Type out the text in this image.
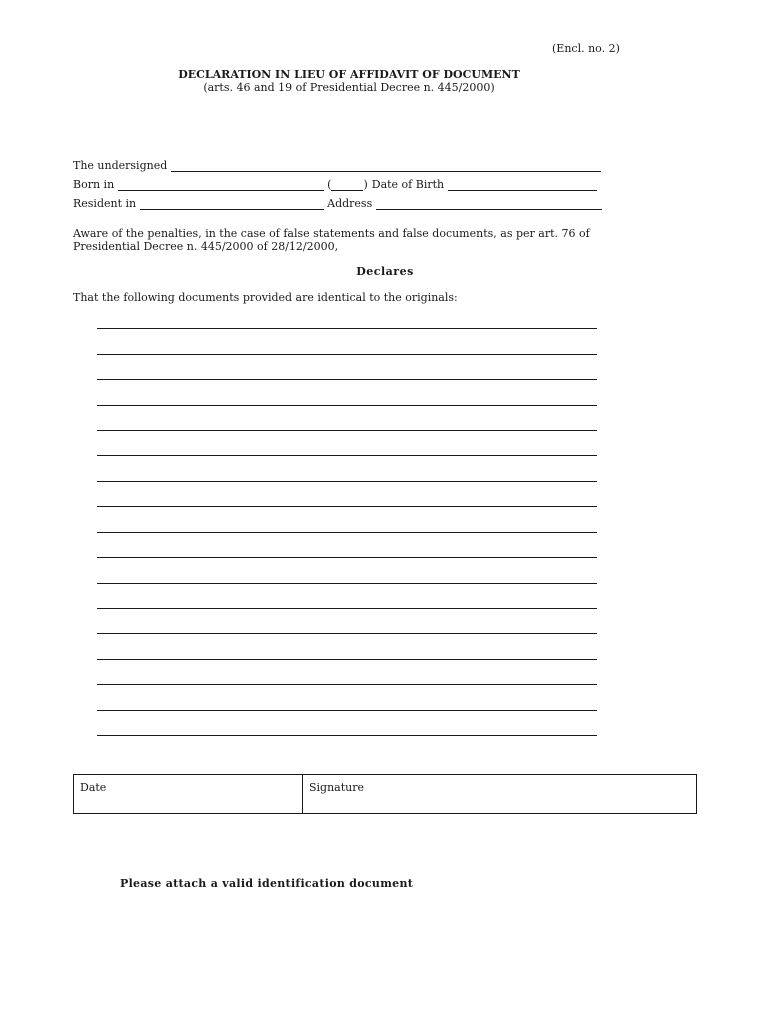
(Encl. no. 2)
DECLARATION IN LIEU OF AFFIDAVIT OF DOCUMENT
(arts. 46 and 19 of Presidential Decree n. 445/2000)
The undersigned
Born in	(	) Date of Birth
Resident in	Address
Aware of the penalties, in the case of false statements and false documents, as per art. 76 of Presidential Decree n. 445/2000 of 28/12/2000,
Declares
That the following documents provided are identical to the originals:
Date	Signature
Please attach a valid identification document
